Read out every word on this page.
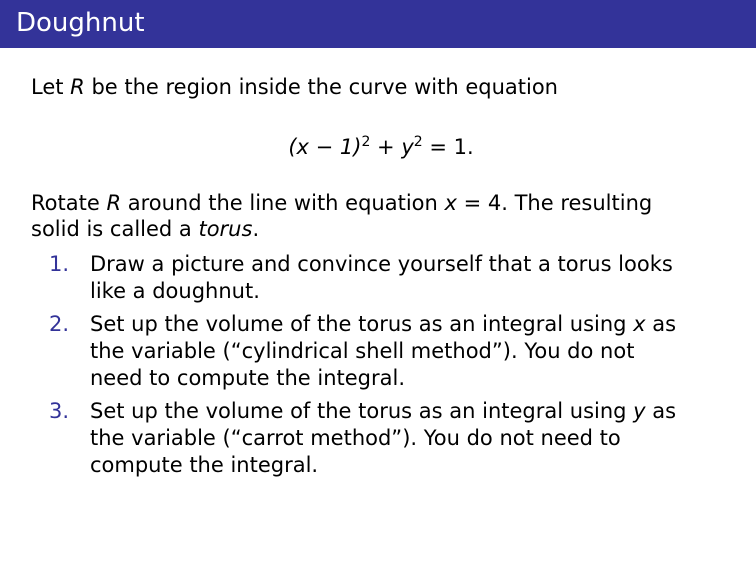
Doughnut
Let R be the region inside the curve with equation
$(x - 1)^2 + y^2 = 1$.
Rotate R around the line with equation x = 4. The resulting
solid is called a torus.
1. Draw a picture and convince yourself that a torus looks
like a doughnut.
2. Set up the volume of the torus as an integral using x as
the variable (“cylindrical shell method”). You do not
need to compute the integral.
3. Set up the volume of the torus as an integral using y as
the variable (“carrot method”). You do not need to
compute the integral.
